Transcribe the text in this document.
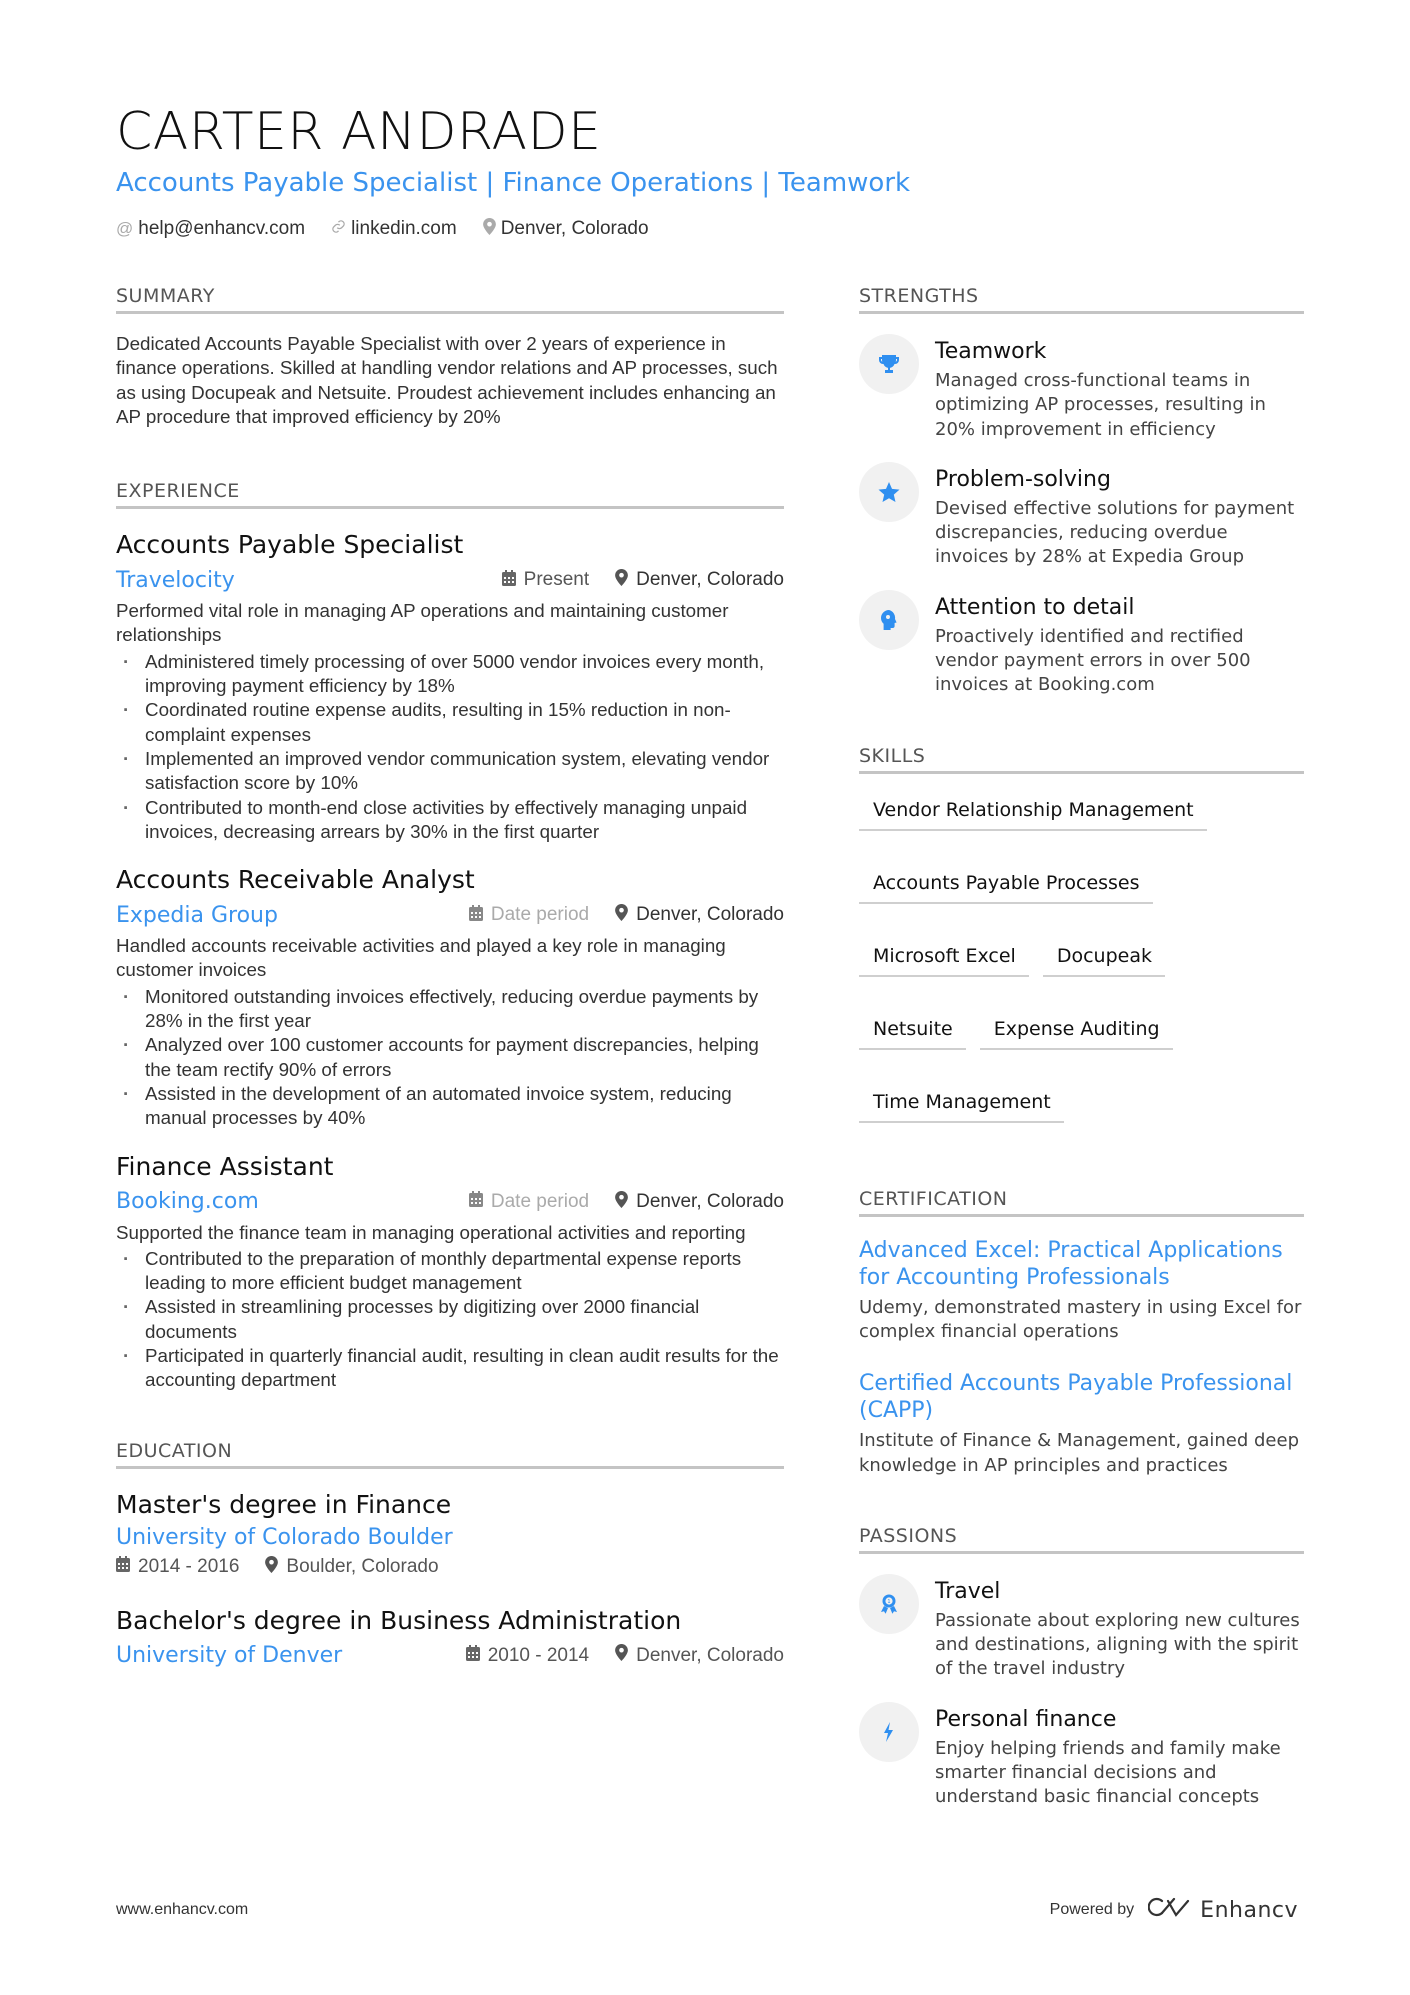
CARTER ANDRADE
Accounts Payable Specialist | Finance Operations | Teamwork
@ help@enhancv.com linkedin.com Denver, Colorado
SUMMARY

Dedicated Accounts Payable Specialist with over 2 years of experience in finance operations. Skilled at handling vendor relations and AP processes, such as using Docupeak and Netsuite. Proudest achievement includes enhancing an AP procedure that improved efficiency by 20%

EXPERIENCE
Accounts Payable Specialist
Travelocity	Present Denver, Colorado

Performed vital role in managing AP operations and maintaining customer relationships

· Administered timely processing of over 5000 vendor invoices every month, improving payment efficiency by 18%
· Coordinated routine expense audits, resulting in 15% reduction in non-complaint expenses
· Implemented an improved vendor communication system, elevating vendor satisfaction score by 10%
· Contributed to month-end close activities by effectively managing unpaid invoices, decreasing arrears by 30% in the first quarter
Accounts Receivable Analyst
Expedia Group	Date period Denver, Colorado

Handled accounts receivable activities and played a key role in managing customer invoices

· Monitored outstanding invoices effectively, reducing overdue payments by 28% in the first year
· Analyzed over 100 customer accounts for payment discrepancies, helping the team rectify 90% of errors
· Assisted in the development of an automated invoice system, reducing manual processes by 40%
Finance Assistant
Booking.com	Date period Denver, Colorado

Supported the finance team in managing operational activities and reporting

· Contributed to the preparation of monthly departmental expense reports leading to more efficient budget management
· Assisted in streamlining processes by digitizing over 2000 financial documents
· Participated in quarterly financial audit, resulting in clean audit results for the accounting department
EDUCATION
Master's degree in Finance
University of Colorado Boulder
2014 - 2016 Boulder, Colorado
Bachelor's degree in Business Administration
University of Denver	2010 - 2014 Denver, Colorado
STRENGTHS
Teamwork
Managed cross-functional teams in optimizing AP processes, resulting in 20% improvement in efficiency
Problem-solving
Devised effective solutions for payment discrepancies, reducing overdue invoices by 28% at Expedia Group
Attention to detail
Proactively identified and rectified vendor payment errors in over 500 invoices at Booking.com
SKILLS
Vendor Relationship Management
Accounts Payable Processes
Microsoft Excel	Docupeak
Netsuite	Expense Auditing
Time Management
CERTIFICATION
Advanced Excel: Practical Applications for Accounting Professionals
Udemy, demonstrated mastery in using Excel for complex financial operations
Certified Accounts Payable Professional (CAPP)
Institute of Finance & Management, gained deep knowledge in AP principles and practices
PASSIONS
1 Travel
Passionate about exploring new cultures and destinations, aligning with the spirit of the travel industry
Personal finance
Enjoy helping friends and family make smarter financial decisions and understand basic financial concepts
www.enhancv.com	Powered by	Enhancv
